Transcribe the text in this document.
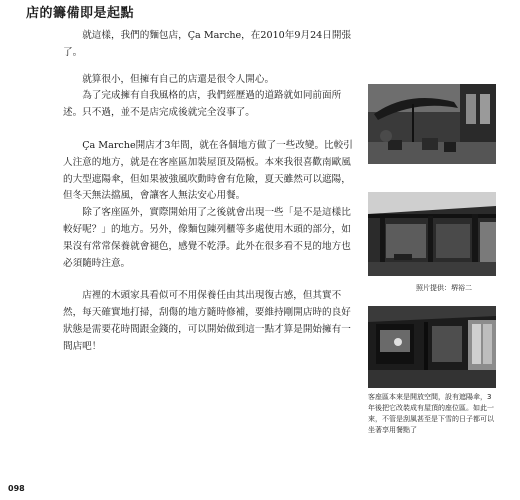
店的籌備即是起點

就這樣，我們的麵包店，Ça Marche，在2010年9月24日開張了。

就算很小，但擁有自己的店還是很令人開心。

為了完成擁有自我風格的店，我們經歷過的道路就如同前面所述。只不過，並不是店完成後就完全沒事了。

Ça Marche開店才3年間，就在各個地方做了一些改變。比較引人注意的地方，就是在客座區加裝屋頂及隔板。本來我很喜歡南歐風的大型遮陽傘，但如果被強風吹動時會有危險，夏天雖然可以遮陽，但冬天無法擋風，會讓客人無法安心用餐。

除了客座區外，實際開始用了之後就會出現一些「是不是這樣比較好呢？」的地方。另外，像麵包陳列櫃等多處使用木頭的部分，如果沒有常常保養就會褪色，感覺不乾淨。此外在很多看不見的地方也必須隨時注意。

店裡的木頭家具看似可不用保養任由其出現復古感，但其實不然，每天確實地打掃，刮傷的地方隨時修補，要維持剛開店時的良好狀態是需要花時間跟金錢的，可以開始做到這一點才算是開始擁有一間店吧！

照片提供：堺裕二
客座區本來是開放空間，設有遮陽傘，3年後把它改裝成有屋頂的座位區。如此一來，不管是刮風甚至是下雪的日子都可以坐著享用餐點了
098
